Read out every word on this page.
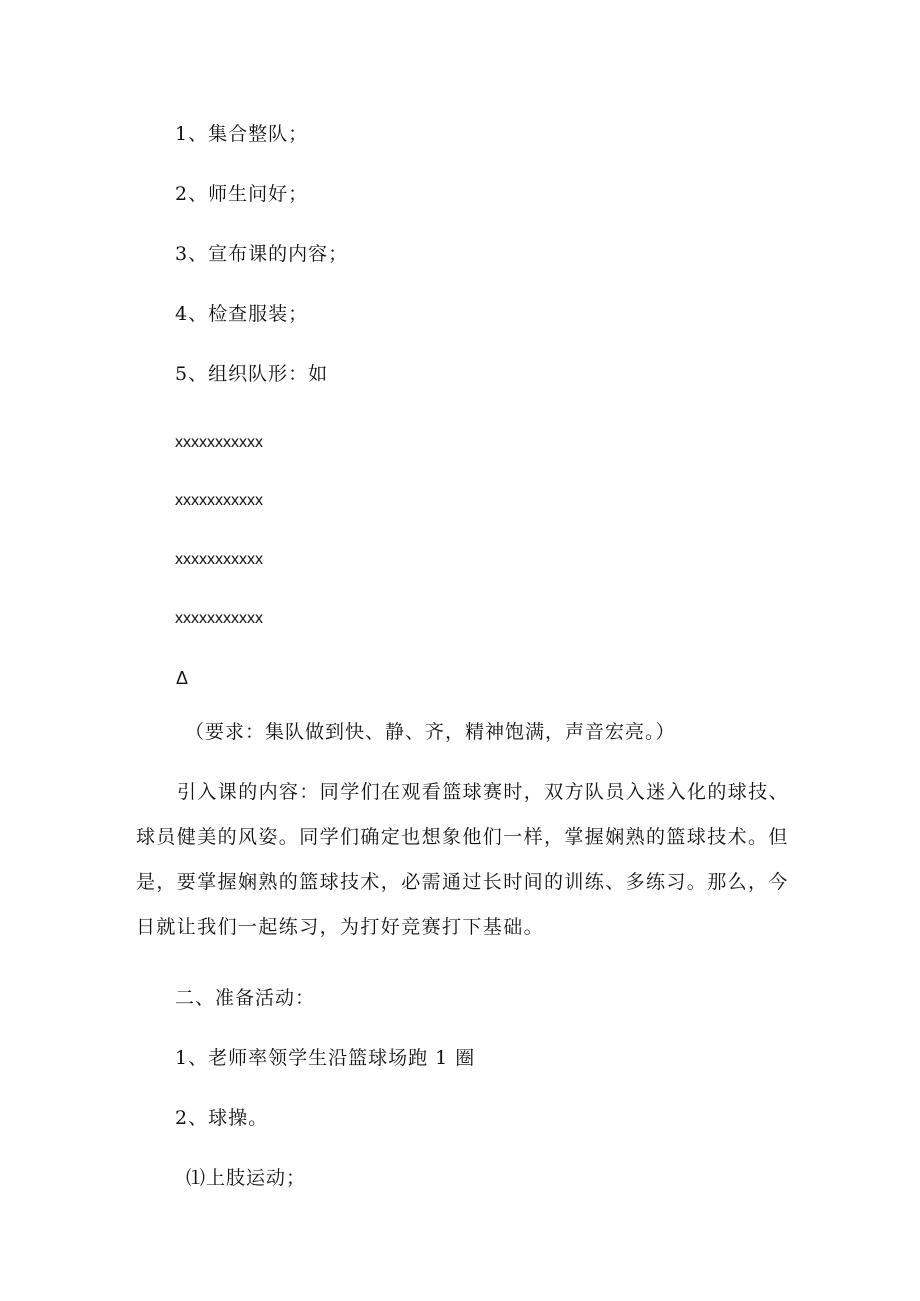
1、集合整队；
2、师生问好；
3、宣布课的内容；
4、检查服装；
5、组织队形：如
xxxxxxxxxxx
xxxxxxxxxxx
xxxxxxxxxxx
xxxxxxxxxxx
Δ
（要求：集队做到快、静、齐，精神饱满，声音宏亮。）
引入课的内容：同学们在观看篮球赛时，双方队员入迷入化的球技、球员健美的风姿。同学们确定也想象他们一样，掌握娴熟的篮球技术。但是，要掌握娴熟的篮球技术，必需通过长时间的训练、多练习。那么，今日就让我们一起练习，为打好竞赛打下基础。
二、准备活动：
1、老师率领学生沿篮球场跑 1 圈
2、球操。
⑴上肢运动；
